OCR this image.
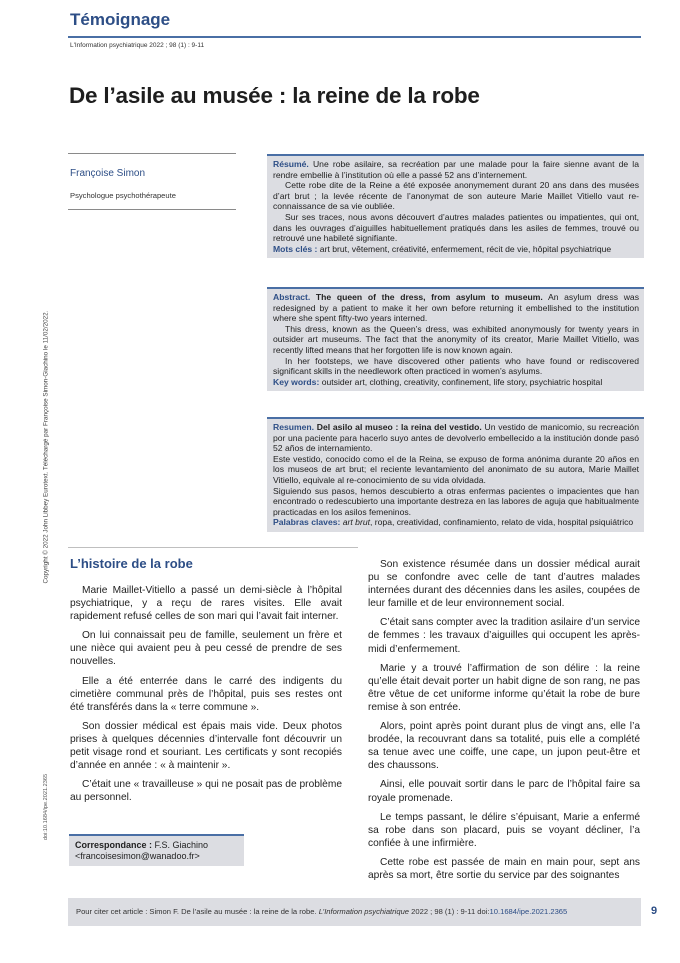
Témoignage
L'Information psychiatrique 2022 ; 98 (1) : 9-11
De l’asile au musée : la reine de la robe
Françoise Simon
Psychologue psychothérapeute

Résumé. Une robe asilaire, sa recréation par une malade pour la faire sienne avant de la rendre embellie à l’institution où elle a passé 52 ans d’internement.

Cette robe dite de la Reine a été exposée anonymement durant 20 ans dans des musées d’art brut ; la levée récente de l’anonymat de son auteure Marie Maillet Vitiello vaut re-connaissance de sa vie oubliée.

Sur ses traces, nous avons découvert d’autres malades patientes ou impatientes, qui ont, dans les ouvrages d’aiguilles habituellement pratiqués dans les asiles de femmes, trouvé ou retrouvé une habileté signifiante.

Mots clés : art brut, vêtement, créativité, enfermement, récit de vie, hôpital psychiatrique

Abstract. The queen of the dress, from asylum to museum. An asylum dress was redesigned by a patient to make it her own before returning it embellished to the institution where she spent fifty-two years interned.

This dress, known as the Queen’s dress, was exhibited anonymously for twenty years in outsider art museums. The fact that the anonymity of its creator, Marie Maillet Vitiello, was recently lifted means that her forgotten life is now known again.

In her footsteps, we have discovered other patients who have found or rediscovered significant skills in the needlework often practiced in women’s asylums.

Key words: outsider art, clothing, creativity, confinement, life story, psychiatric hospital

Resumen. Del asilo al museo : la reina del vestido. Un vestido de manicomio, su recreación por una paciente para hacerlo suyo antes de devolverlo embellecido a la institución donde pasó 52 años de internamiento.

Este vestido, conocido como el de la Reina, se expuso de forma anónima durante 20 años en los museos de art brut; el reciente levantamiento del anonimato de su autora, Marie Maillet Vitiello, equivale al re-conocimiento de su vida olvidada.

Siguiendo sus pasos, hemos descubierto a otras enfermas pacientes o impacientes que han encontrado o redescubierto una importante destreza en las labores de aguja que habitualmente practicadas en los asilos femeninos.

Palabras claves: art brut, ropa, creatividad, confinamiento, relato de vida, hospital psiquiátrico

Copyright © 2022 John Libbey Eurotext. Téléchargé par Françoise Simon-Giachino le 11/02/2022.
doi:10.1684/ipe.2021.2365
L’histoire de la robe

Marie Maillet-Vitiello a passé un demi-siècle à l’hôpital psychiatrique, y a reçu de rares visites. Elle avait rapidement refusé celles de son mari qui l’avait fait interner.

On lui connaissait peu de famille, seulement un frère et une nièce qui avaient peu à peu cessé de prendre de ses nouvelles.

Elle a été enterrée dans le carré des indigents du cimetière communal près de l’hôpital, puis ses restes ont été transférés dans la « terre commune ».

Son dossier médical est épais mais vide. Deux photos prises à quelques décennies d’intervalle font découvrir un petit visage rond et souriant. Les certificats y sont recopiés d’année en année : « à maintenir ».

C’était une « travailleuse » qui ne posait pas de problème au personnel.

Son existence résumée dans un dossier médical aurait pu se confondre avec celle de tant d’autres malades internées durant des décennies dans les asiles, coupées de leur famille et de leur environnement social.

C’était sans compter avec la tradition asilaire d’un service de femmes : les travaux d’aiguilles qui occupent les après-midi d’enfermement.

Marie y a trouvé l’affirmation de son délire : la reine qu’elle était devait porter un habit digne de son rang, ne pas être vêtue de cet uniforme informe qu’était la robe de bure remise à son entrée.

Alors, point après point durant plus de vingt ans, elle l’a brodée, la recouvrant dans sa totalité, puis elle a complété sa tenue avec une coiffe, une cape, un jupon peut-être et des chaussons.

Ainsi, elle pouvait sortir dans le parc de l’hôpital faire sa royale promenade.

Le temps passant, le délire s’épuisant, Marie a enfermé sa robe dans son placard, puis se voyant décliner, l’a confiée à une infirmière.

Cette robe est passée de main en main pour, sept ans après sa mort, être sortie du service par des soignantes

Correspondance : F.S. Giachino
<francoisesimon@wanadoo.fr>
Pour citer cet article : Simon F. De l’asile au musée : la reine de la robe. L’Information psychiatrique 2022 ; 98 (1) : 9-11 doi:10.1684/ipe.2021.2365	9
